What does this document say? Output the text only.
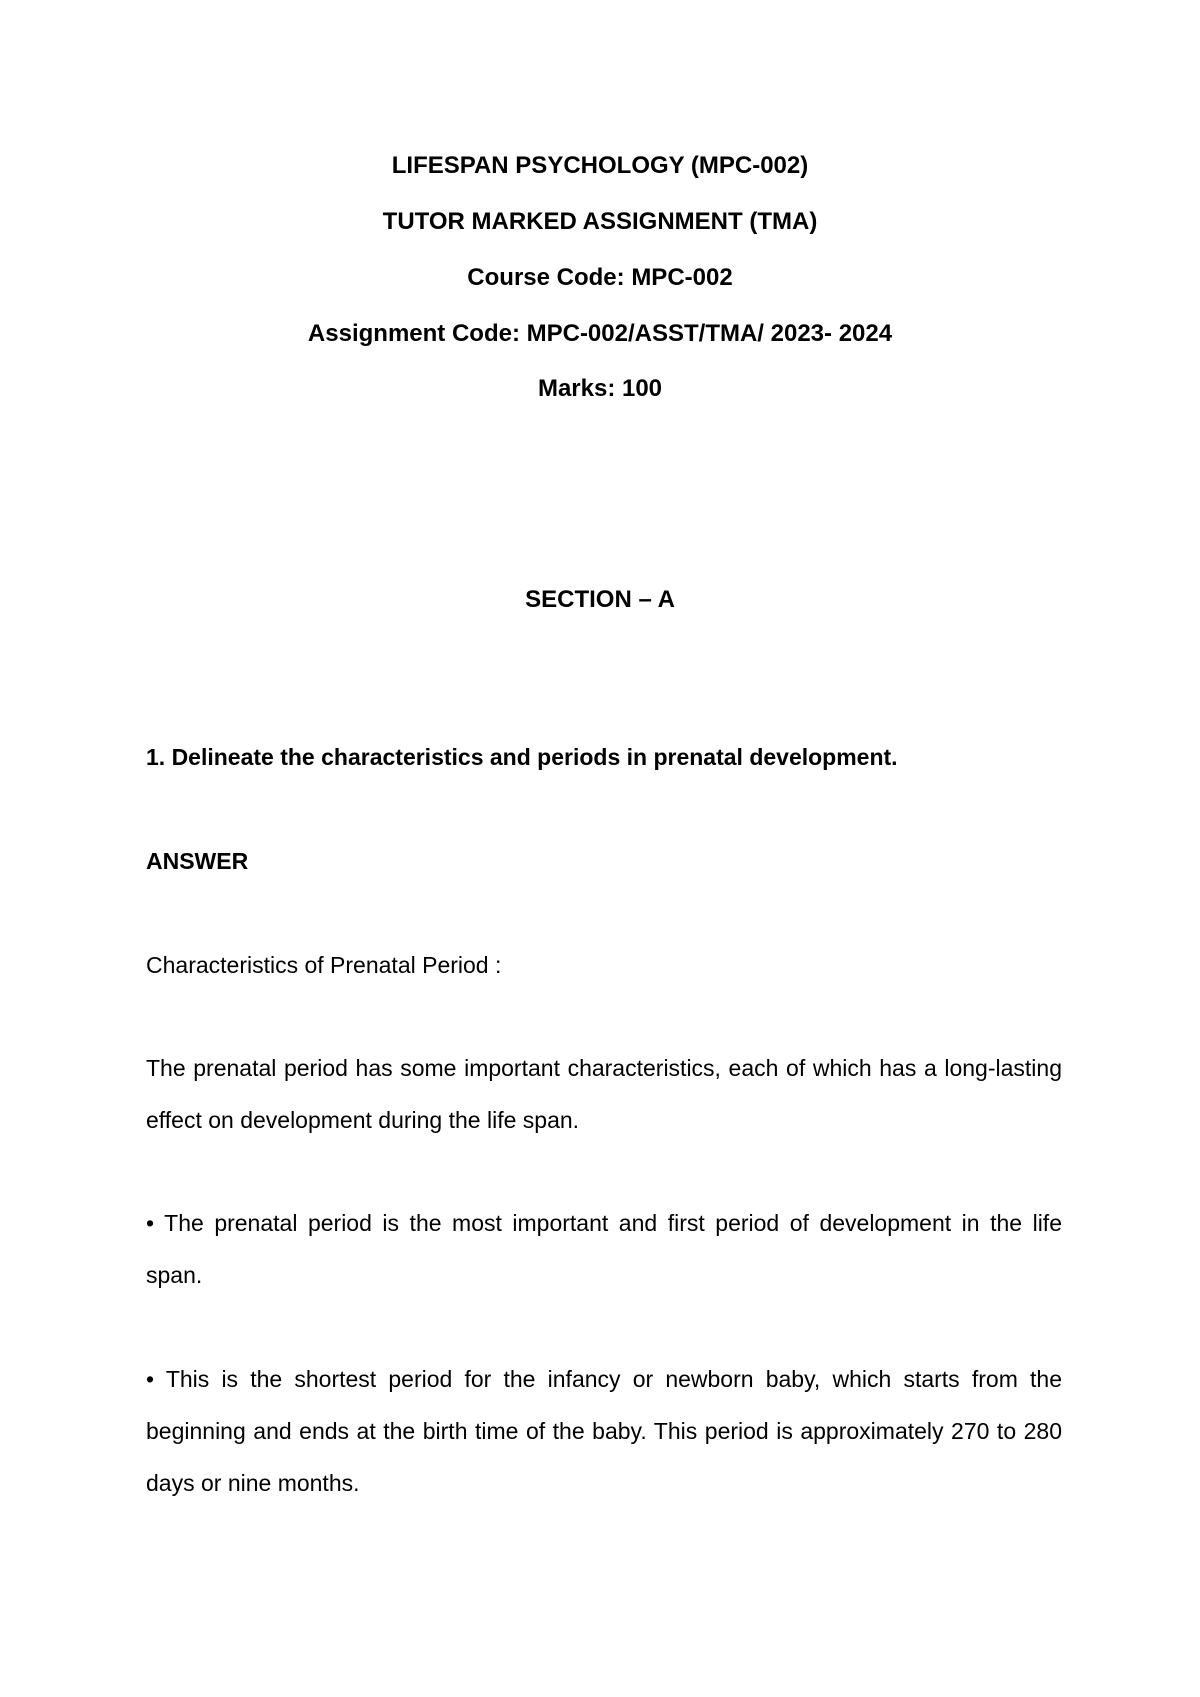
LIFESPAN PSYCHOLOGY (MPC-002)
TUTOR MARKED ASSIGNMENT (TMA)
Course Code: MPC-002
Assignment Code: MPC-002/ASST/TMA/ 2023- 2024
Marks: 100
SECTION – A
1. Delineate the characteristics and periods in prenatal development.
ANSWER
Characteristics of Prenatal Period :
The prenatal period has some important characteristics, each of which has a long-lasting effect on development during the life span.
• The prenatal period is the most important and first period of development in the life span.
• This is the shortest period for the infancy or newborn baby, which starts from the beginning and ends at the birth time of the baby. This period is approximately 270 to 280 days or nine months.
